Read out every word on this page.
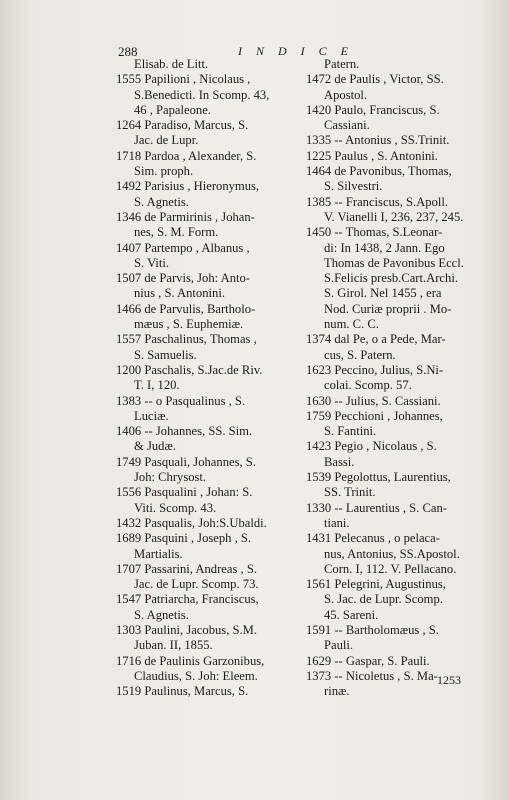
288	INDICE
Elisab. de Litt.
1555 Papilioni , Nicolaus ,
S.Benedicti. In Scomp. 43,
46 , Papaleone.
1264 Paradiso, Marcus, S.
Jac. de Lupr.
1718 Pardoa , Alexander, S.
Sim. proph.
1492 Parisius , Hieronymus,
S. Agnetis.
1346 de Parmirinis , Johan-
nes, S. M. Form.
1407 Partempo , Albanus ,
S. Viti.
1507 de Parvis, Joh: Anto-
nius , S. Antonini.
1466 de Parvulis, Bartholo-
mæus , S. Euphemiæ.
1557 Paschalinus, Thomas ,
S. Samuelis.
1200 Paschalis, S.Jac.de Riv.
T. I, 120.
1383 -- o Pasqualinus , S.
Luciæ.
1406 -- Johannes, SS. Sim.
& Judæ.
1749 Pasquali, Johannes, S.
Joh: Chrysost.
1556 Pasqualini , Johan: S.
Viti. Scomp. 43.
1432 Pasqualis, Joh:S.Ubaldi.
1689 Pasquini , Joseph , S.
Martialis.
1707 Passarini, Andreas , S.
Jac. de Lupr. Scomp. 73.
1547 Patriarcha, Franciscus,
S. Agnetis.
1303 Paulini, Jacobus, S.M.
Juban. II, 1855.
1716 de Paulinis Garzonibus,
Claudius, S. Joh: Eleem.
1519 Paulinus, Marcus, S.
Patern.
1472 de Paulis , Victor, SS.
Apostol.
1420 Paulo, Franciscus, S.
Cassiani.
1335 -- Antonius , SS.Trinit.
1225 Paulus , S. Antonini.
1464 de Pavonibus, Thomas,
S. Silvestri.
1385 -- Franciscus, S.Apoll.
V. Vianelli I, 236, 237, 245.
1450 -- Thomas, S.Leonar-
di: In 1438, 2 Jann. Ego
Thomas de Pavonibus Eccl.
S.Felicis presb.Cart.Archi.
S. Girol. Nel 1455 , era
Nod. Curiæ proprii . Mo-
num. C. C.
1374 dal Pe, o a Pede, Mar-
cus, S. Patern.
1623 Peccino, Julius, S.Ni-
colai. Scomp. 57.
1630 -- Julius, S. Cassiani.
1759 Pecchioni , Johannes,
S. Fantini.
1423 Pegio , Nicolaus , S.
Bassi.
1539 Pegolottus, Laurentius,
SS. Trinit.
1330 -- Laurentius , S. Can-
tiani.
1431 Pelecanus , o pelaca-
nus, Antonius, SS.Apostol.
Corn. I, 112. V. Pellacano.
1561 Pelegrini, Augustinus,
S. Jac. de Lupr. Scomp.
45. Sareni.
1591 -- Bartholomæus , S.
Pauli.
1629 -- Gaspar, S. Pauli.
1373 -- Nicoletus , S. Ma-
rinæ.
1253
